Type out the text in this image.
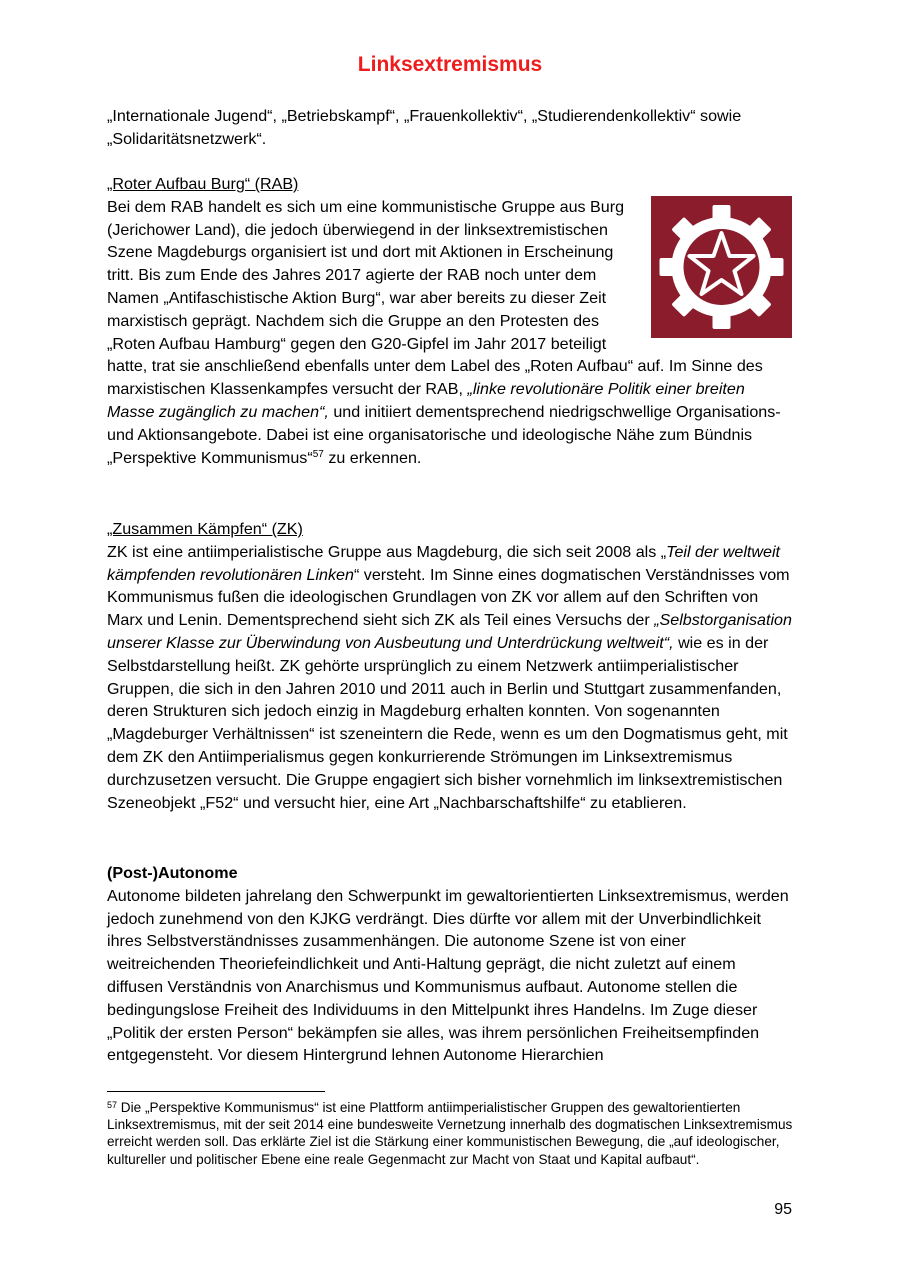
Linksextremismus

„Internationale Jugend“, „Betriebskampf“, „Frauenkollektiv“, „Studierendenkollektiv“ sowie „Solidaritätsnetzwerk“.

„Roter Aufbau Burg“ (RAB)

Bei dem RAB handelt es sich um eine kommunistische Gruppe aus Burg (Jerichower Land), die jedoch überwiegend in der linksextremistischen Szene Magdeburgs organisiert ist und dort mit Aktionen in Erscheinung tritt. Bis zum Ende des Jahres 2017 agierte der RAB noch unter dem Namen „Antifaschistische Aktion Burg“, war aber bereits zu dieser Zeit marxistisch geprägt. Nachdem sich die Gruppe an den Protesten des „Roten Aufbau Hamburg“ gegen den G20-Gipfel im Jahr 2017 beteiligt hatte, trat sie anschließend ebenfalls unter dem Label des „Roten Aufbau“ auf. Im Sinne des marxistischen Klassenkampfes versucht der RAB, „linke revolutionäre Politik einer breiten Masse zugänglich zu machen“, und initiiert dementsprechend niedrigschwellige Organisations- und Aktionsangebote. Dabei ist eine organisatorische und ideologische Nähe zum Bündnis „Perspektive Kommunismus“$^{57}$ zu erkennen.

„Zusammen Kämpfen“ (ZK)

ZK ist eine antiimperialistische Gruppe aus Magdeburg, die sich seit 2008 als „Teil der weltweit kämpfenden revolutionären Linken“ versteht. Im Sinne eines dogmatischen Verständnisses vom Kommunismus fußen die ideologischen Grundlagen von ZK vor allem auf den Schriften von Marx und Lenin. Dementsprechend sieht sich ZK als Teil eines Versuchs der „Selbstorganisation unserer Klasse zur Überwindung von Ausbeutung und Unterdrückung weltweit“, wie es in der Selbstdarstellung heißt. ZK gehörte ursprünglich zu einem Netzwerk antiimperialistischer Gruppen, die sich in den Jahren 2010 und 2011 auch in Berlin und Stuttgart zusammenfanden, deren Strukturen sich jedoch einzig in Magdeburg erhalten konnten. Von sogenannten „Magdeburger Verhältnissen“ ist szeneintern die Rede, wenn es um den Dogmatismus geht, mit dem ZK den Antiimperialismus gegen konkurrierende Strömungen im Linksextremismus durchzusetzen versucht. Die Gruppe engagiert sich bisher vornehmlich im linksextremistischen Szeneobjekt „F52“ und versucht hier, eine Art „Nachbarschaftshilfe“ zu etablieren.

(Post-)Autonome

Autonome bildeten jahrelang den Schwerpunkt im gewaltorientierten Linksextremismus, werden jedoch zunehmend von den KJKG verdrängt. Dies dürfte vor allem mit der Unverbindlichkeit ihres Selbstverständnisses zusammenhängen. Die autonome Szene ist von einer weitreichenden Theoriefeindlichkeit und Anti-Haltung geprägt, die nicht zuletzt auf einem diffusen Verständnis von Anarchismus und Kommunismus aufbaut. Autonome stellen die bedingungslose Freiheit des Individuums in den Mittelpunkt ihres Handelns. Im Zuge dieser „Politik der ersten Person“ bekämpfen sie alles, was ihrem persönlichen Freiheitsempfinden entgegensteht. Vor diesem Hintergrund lehnen Autonome Hierarchien

$^{57}$ Die „Perspektive Kommunismus“ ist eine Plattform antiimperialistischer Gruppen des gewaltorientierten Linksextremismus, mit der seit 2014 eine bundesweite Vernetzung innerhalb des dogmatischen Linksextremismus erreicht werden soll. Das erklärte Ziel ist die Stärkung einer kommunistischen Bewegung, die „auf ideologischer, kultureller und politischer Ebene eine reale Gegenmacht zur Macht von Staat und Kapital aufbaut“.
95
